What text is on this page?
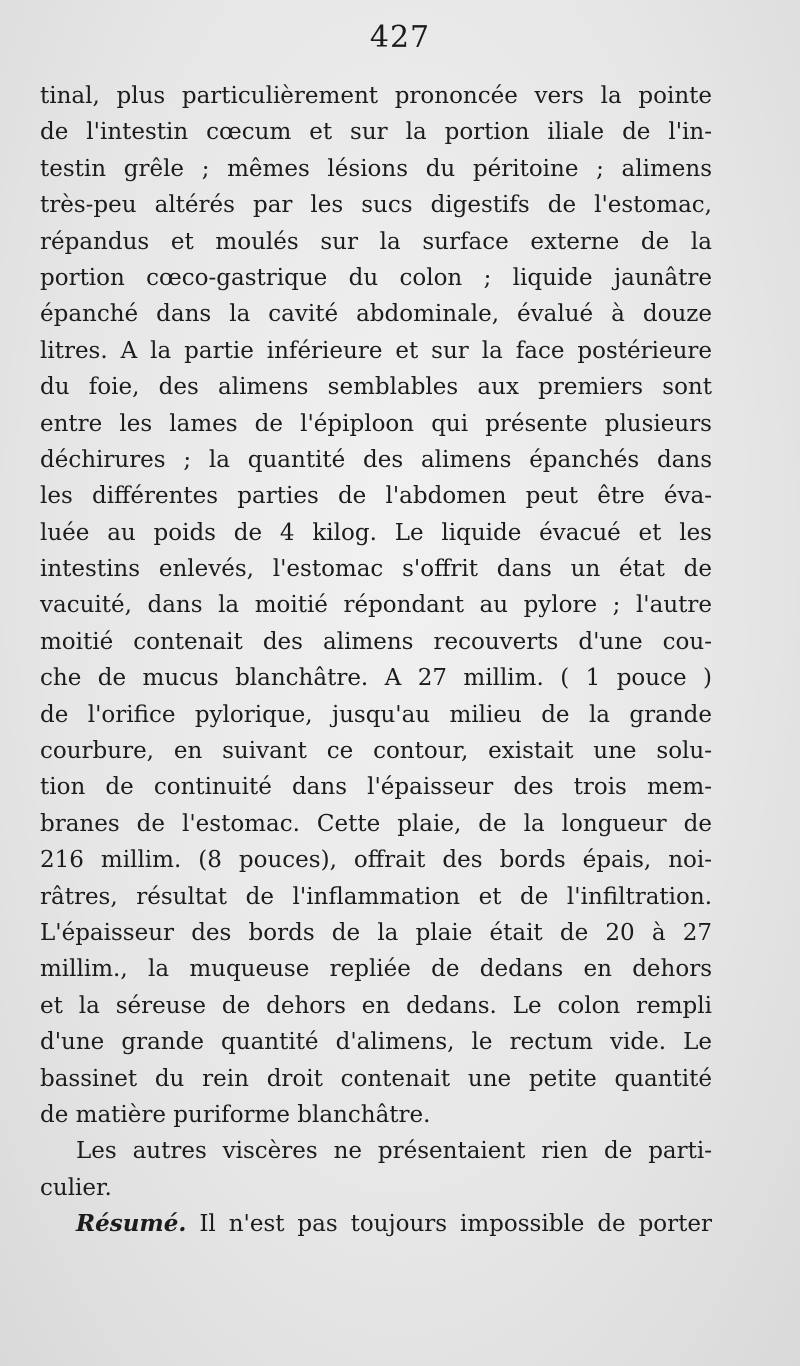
427
tinal, plus particulièrement prononcée vers la pointe
de l'intestin cœcum et sur la portion iliale de l'in-
testin grêle ; mêmes lésions du péritoine ; alimens
très-peu altérés par les sucs digestifs de l'estomac,
répandus et moulés sur la surface externe de la
portion cœco-gastrique du colon ; liquide jaunâtre
épanché dans la cavité abdominale, évalué à douze
litres. A la partie inférieure et sur la face postérieure
du foie, des alimens semblables aux premiers sont
entre les lames de l'épiploon qui présente plusieurs
déchirures ; la quantité des alimens épanchés dans
les différentes parties de l'abdomen peut être éva-
luée au poids de 4 kilog. Le liquide évacué et les
intestins enlevés, l'estomac s'offrit dans un état de
vacuité, dans la moitié répondant au pylore ; l'autre
moitié contenait des alimens recouverts d'une cou-
che de mucus blanchâtre. A 27 millim. ( 1 pouce )
de l'orifice pylorique, jusqu'au milieu de la grande
courbure, en suivant ce contour, existait une solu-
tion de continuité dans l'épaisseur des trois mem-
branes de l'estomac. Cette plaie, de la longueur de
216 millim. (8 pouces), offrait des bords épais, noi-
râtres, résultat de l'inflammation et de l'infiltration.
L'épaisseur des bords de la plaie était de 20 à 27
millim., la muqueuse repliée de dedans en dehors
et la séreuse de dehors en dedans. Le colon rempli
d'une grande quantité d'alimens, le rectum vide. Le
bassinet du rein droit contenait une petite quantité
de matière puriforme blanchâtre.
Les autres viscères ne présentaient rien de parti-
culier.
Résumé. Il n'est pas toujours impossible de porter
